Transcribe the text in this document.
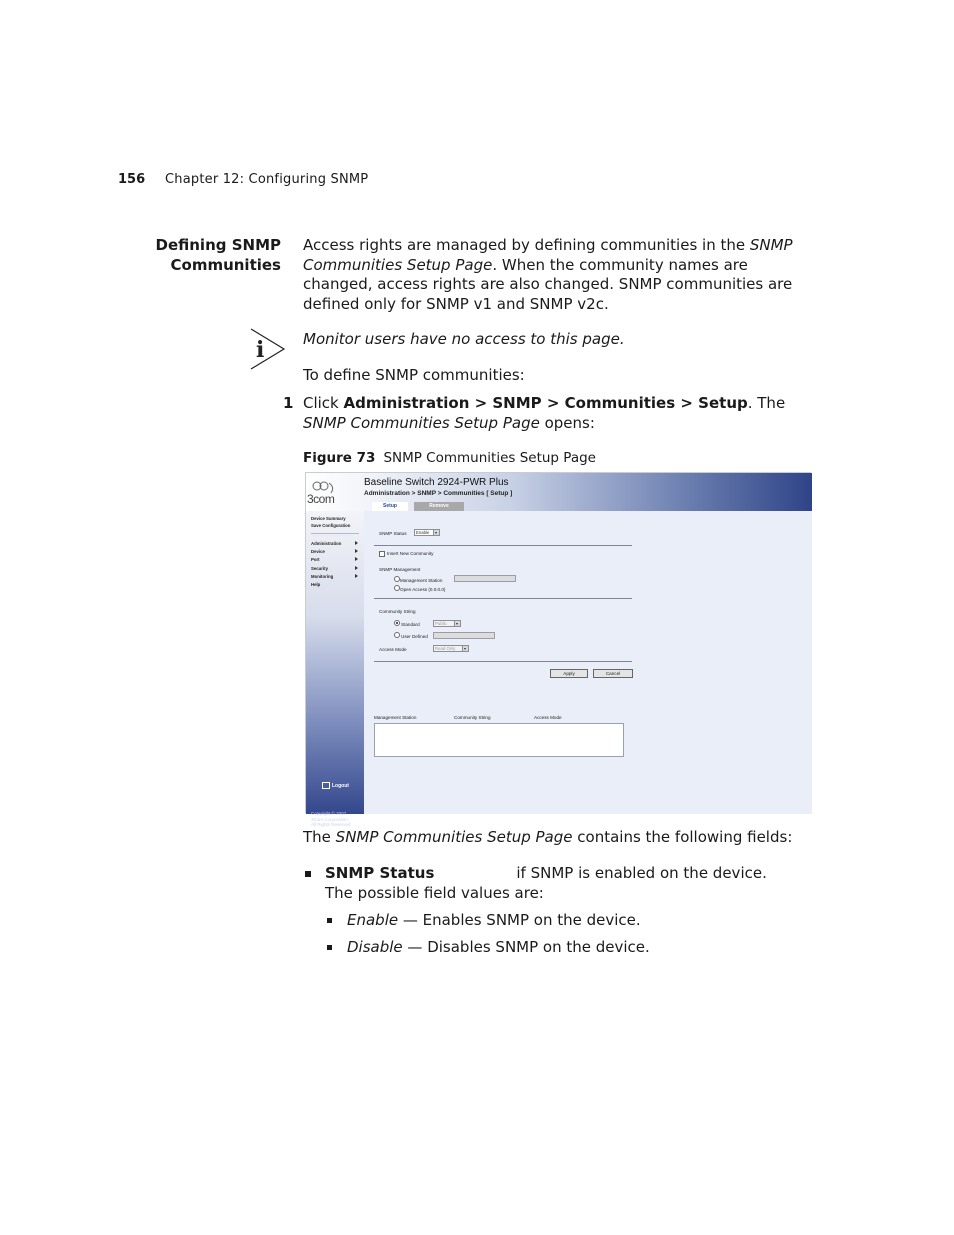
156 Chapter 12: Configuring SNMP
Defining SNMP
Communities
Access rights are managed by defining communities in the SNMP Communities Setup Page. When the community names are changed, access rights are also changed. SNMP communities are defined only for SNMP v1 and SNMP v2c.
i	Monitor users have no access to this page.
To define SNMP communities:
1 Click Administration > SNMP > Communities > Setup. The SNMP Communities Setup Page opens:
Figure 73 SNMP Communities Setup Page
3com
Baseline Switch 2924-PWR Plus
Administration > SNMP > Communities [ Setup ]
Setup	Remove
Device Summary
Save Configuration
Administration
Device
Port
Security
Monitoring
Help
Logout
Copyright © 2007
3Com Corporation.
All Rights Reserved
SNMP Status	Enable
Insert New Community
SNMP Management
Management Station
Open Access (0.0.0.0)
Community String
Standard	Public
User Defined
Access Mode	Read Only
Apply	Cancel
Management Station	Community String	Access Mode
The SNMP Communities Setup Page contains the following fields:
SNMP Status	if SNMP is enabled on the device. The possible field values are:
Enable — Enables SNMP on the device.
Disable — Disables SNMP on the device.
